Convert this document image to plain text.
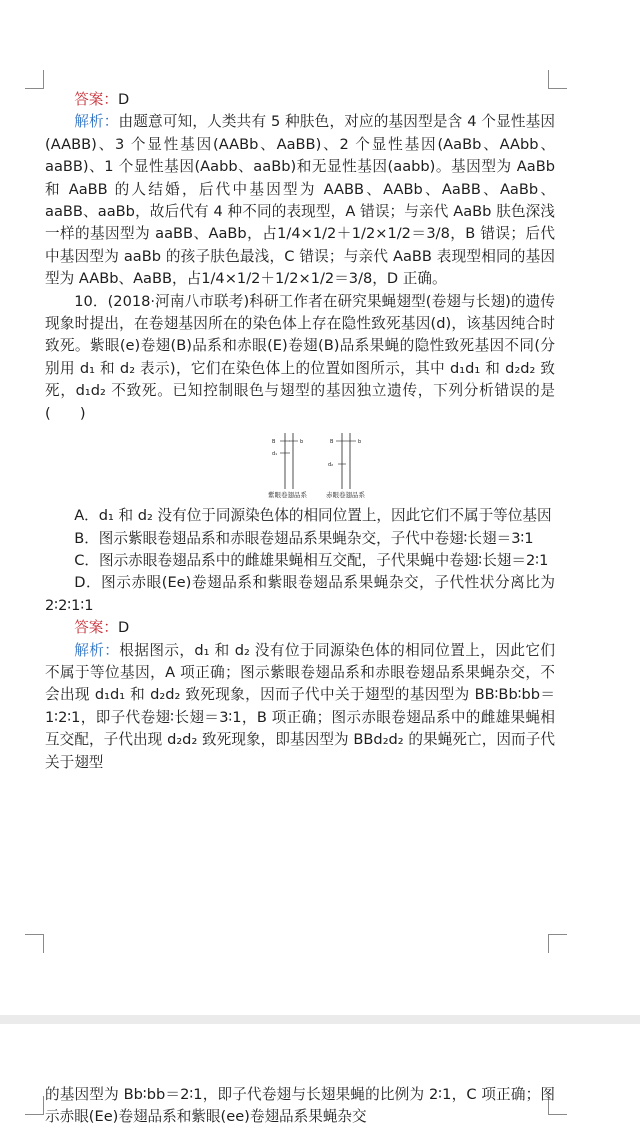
答案：D

解析：由题意可知，人类共有 5 种肤色，对应的基因型是含 4 个显性基因(AABB)、3 个显性基因(AABb、AaBB)、2 个显性基因(AaBb、AAbb、aaBB)、1 个显性基因(Aabb、aaBb)和无显性基因(aabb)。基因型为 AaBb 和 AaBB 的人结婚，后代中基因型为 AABB、AABb、AaBB、AaBb、aaBB、aaBb，故后代有 4 种不同的表现型，A 错误；与亲代 AaBb 肤色深浅一样的基因型为 aaBB、AaBb，占1/4×1/2＋1/2×1/2＝3/8，B 错误；后代中基因型为 aaBb 的孩子肤色最浅，C 错误；与亲代 AaBB 表现型相同的基因型为 AABb、AaBB，占1/4×1/2＋1/2×1/2＝3/8，D 正确。

10．(2018·河南八市联考)科研工作者在研究果蝇翅型(卷翅与长翅)的遗传现象时提出，在卷翅基因所在的染色体上存在隐性致死基因(d)，该基因纯合时致死。紫眼(e)卷翅(B)品系和赤眼(E)卷翅(B)品系果蝇的隐性致死基因不同(分别用 d₁ 和 d₂ 表示)，它们在染色体上的位置如图所示，其中 d₁d₁ 和 d₂d₂ 致死，d₁d₂ 不致死。已知控制眼色与翅型的基因独立遗传，下列分析错误的是(　　)

B	b
d₁
B	b
d₂
紫眼卷翅品系	赤眼卷翅品系

A．d₁ 和 d₂ 没有位于同源染色体的相同位置上，因此它们不属于等位基因

B．图示紫眼卷翅品系和赤眼卷翅品系果蝇杂交，子代中卷翅∶长翅＝3∶1

C．图示赤眼卷翅品系中的雌雄果蝇相互交配，子代果蝇中卷翅∶长翅＝2∶1

D．图示赤眼(Ee)卷翅品系和紫眼卷翅品系果蝇杂交，子代性状分离比为 2∶2∶1∶1

答案：D

解析：根据图示，d₁ 和 d₂ 没有位于同源染色体的相同位置上，因此它们不属于等位基因，A 项正确；图示紫眼卷翅品系和赤眼卷翅品系果蝇杂交，不会出现 d₁d₁ 和 d₂d₂ 致死现象，因而子代中关于翅型的基因型为 BB∶Bb∶bb＝1∶2∶1，即子代卷翅∶长翅＝3∶1，B 项正确；图示赤眼卷翅品系中的雌雄果蝇相互交配，子代出现 d₂d₂ 致死现象，即基因型为 BBd₂d₂ 的果蝇死亡，因而子代关于翅型

的基因型为 Bb∶bb＝2∶1，即子代卷翅与长翅果蝇的比例为 2∶1，C 项正确；图示赤眼(Ee)卷翅品系和紫眼(ee)卷翅品系果蝇杂交
